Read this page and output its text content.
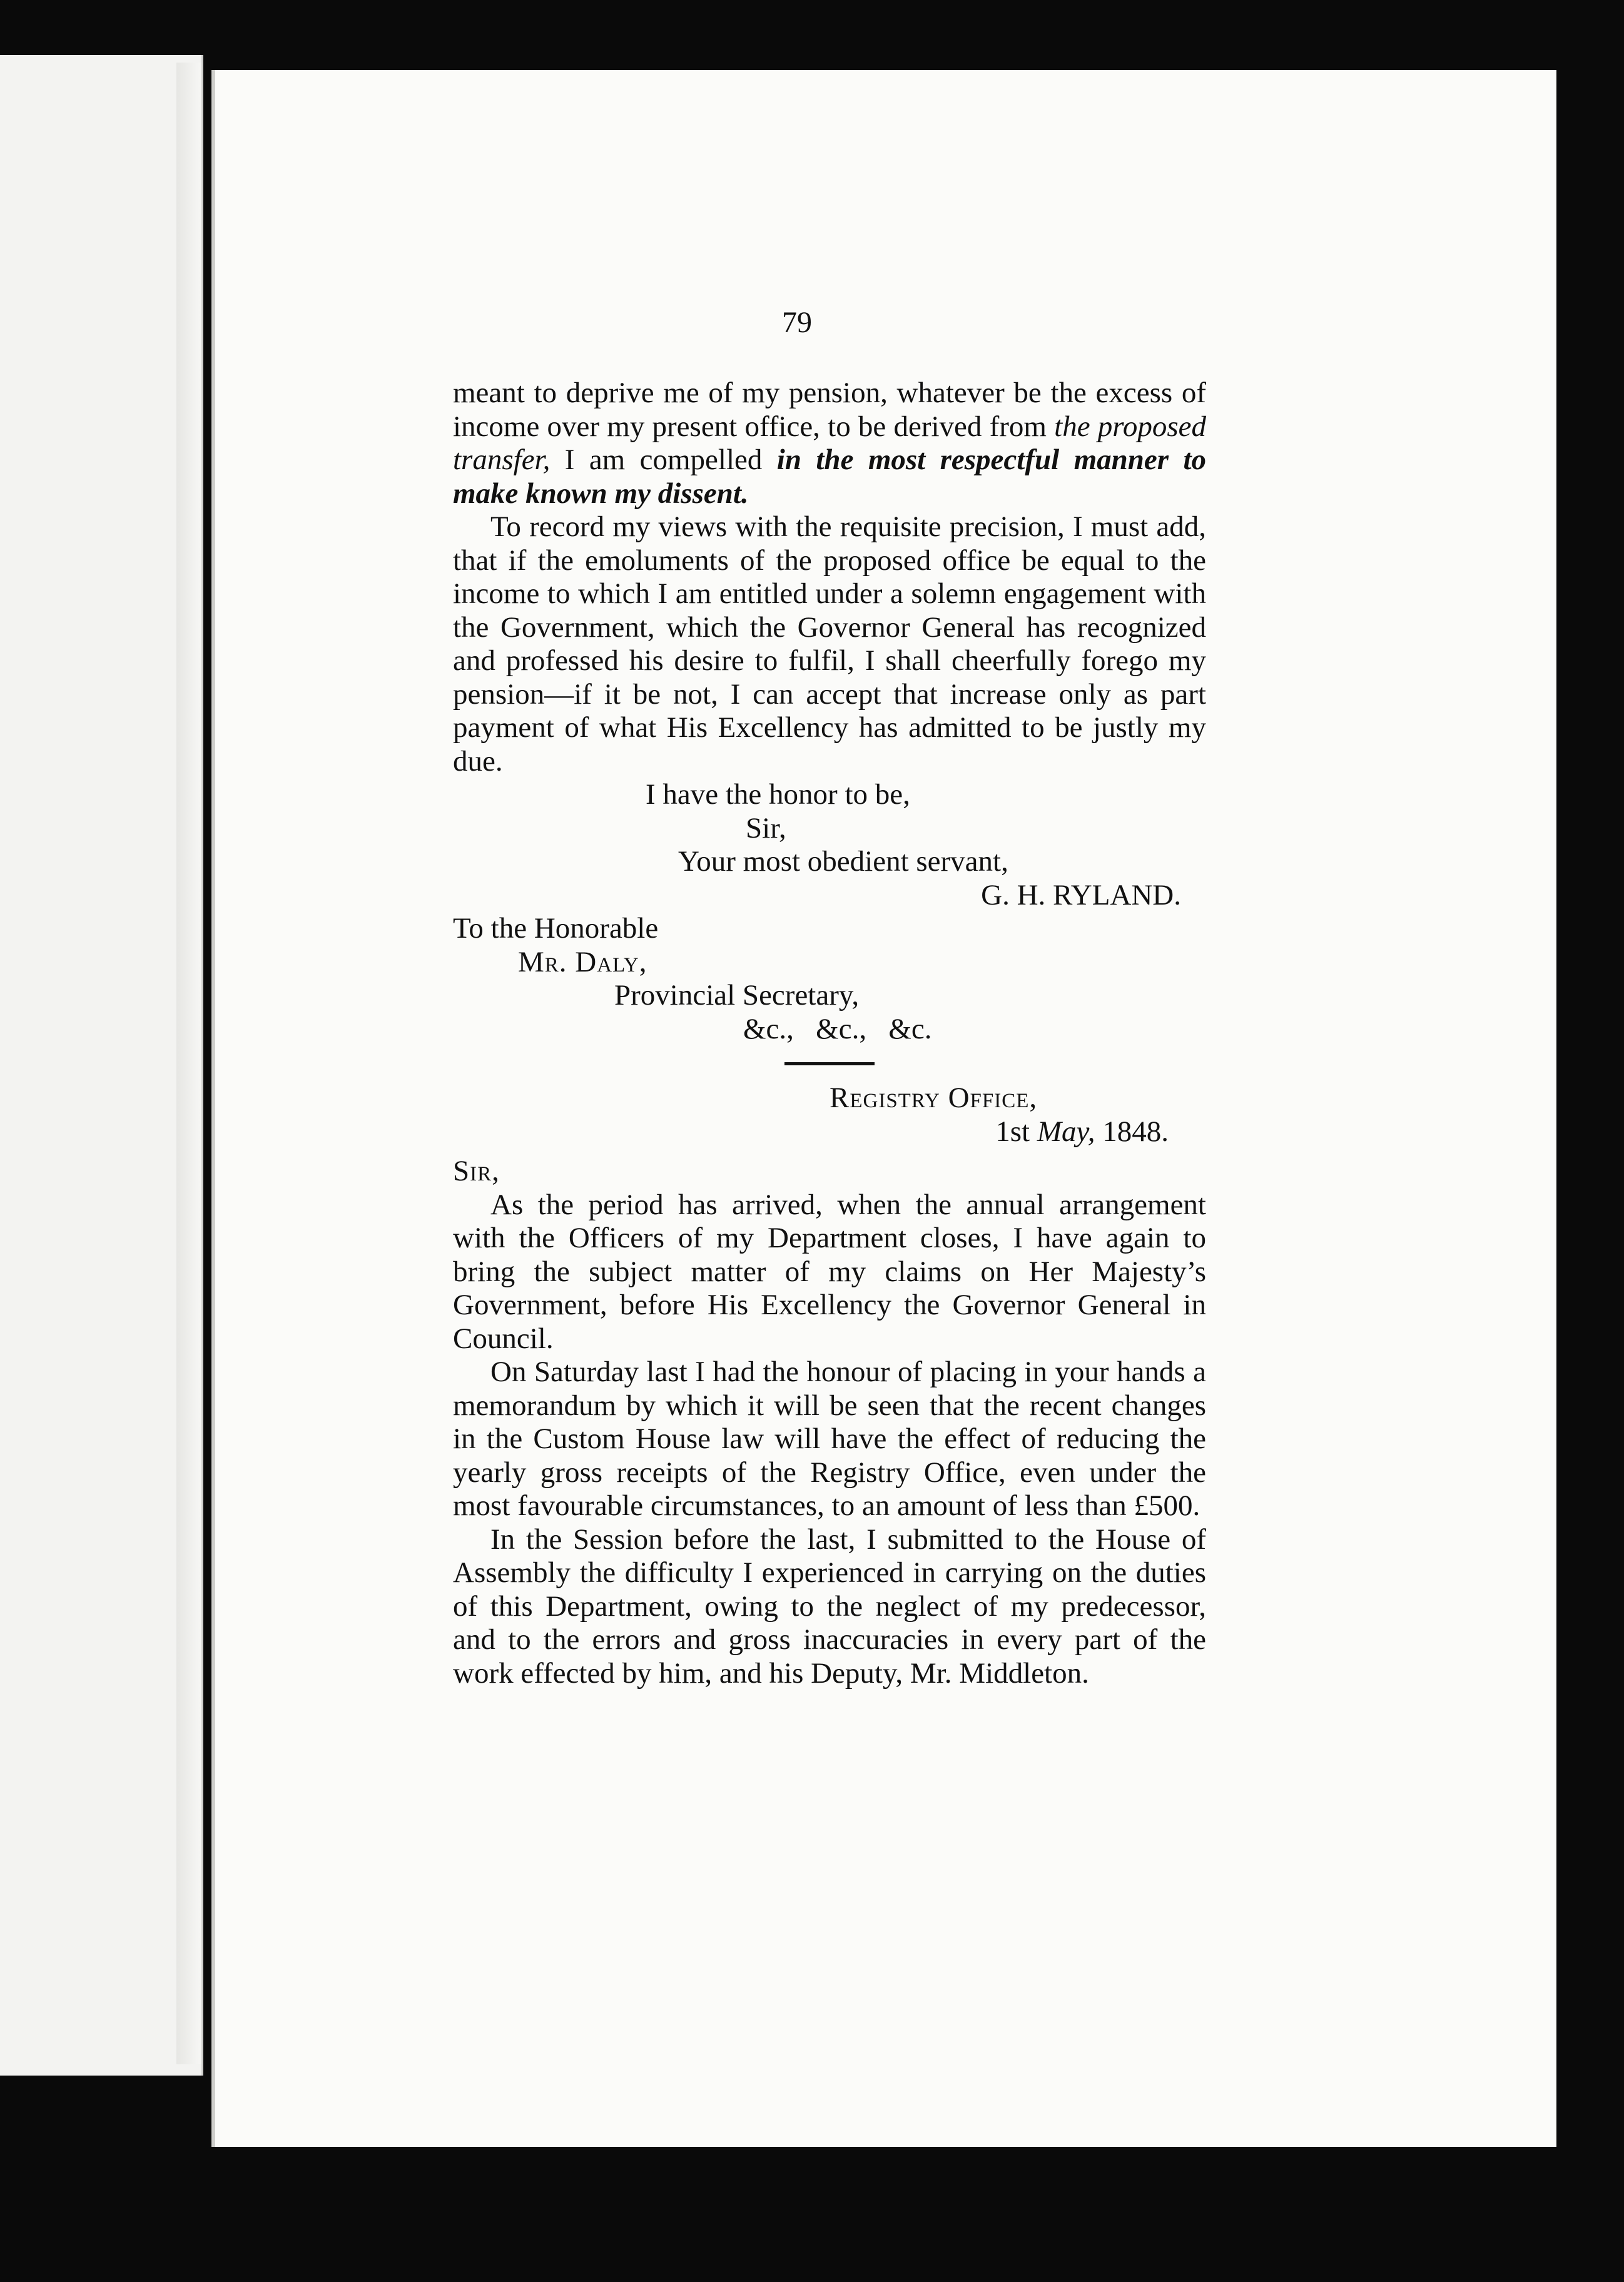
79

meant to deprive me of my pension, whatever be the excess of income over my present office, to be derived from the proposed transfer, I am compelled in the most respectful manner to make known my dissent.

To record my views with the requisite precision, I must add, that if the emoluments of the proposed office be equal to the income to which I am entitled under a solemn engagement with the Government, which the Governor General has recognized and professed his desire to fulfil, I shall cheerfully forego my pension—if it be not, I can accept that increase only as part payment of what His Excellency has admitted to be justly my due.

I have the honor to be,
Sir,
Your most obedient servant,
G. H. RYLAND.
To the Honorable
Mr. Daly,
Provincial Secretary,
&c.,   &c.,   &c.
Registry Office,
1st May, 1848.
Sir,

As the period has arrived, when the annual arrangement with the Officers of my Department closes, I have again to bring the subject matter of my claims on Her Majesty’s Government, before His Excellency the Governor General in Council.

On Saturday last I had the honour of placing in your hands a memorandum by which it will be seen that the recent changes in the Custom House law will have the effect of reducing the yearly gross receipts of the Registry Office, even under the most favourable circumstances, to an amount of less than £500.

In the Session before the last, I submitted to the House of Assembly the difficulty I experienced in carrying on the duties of this Department, owing to the neglect of my predecessor, and to the errors and gross inaccuracies in every part of the work effected by him, and his Deputy, Mr. Middleton.
